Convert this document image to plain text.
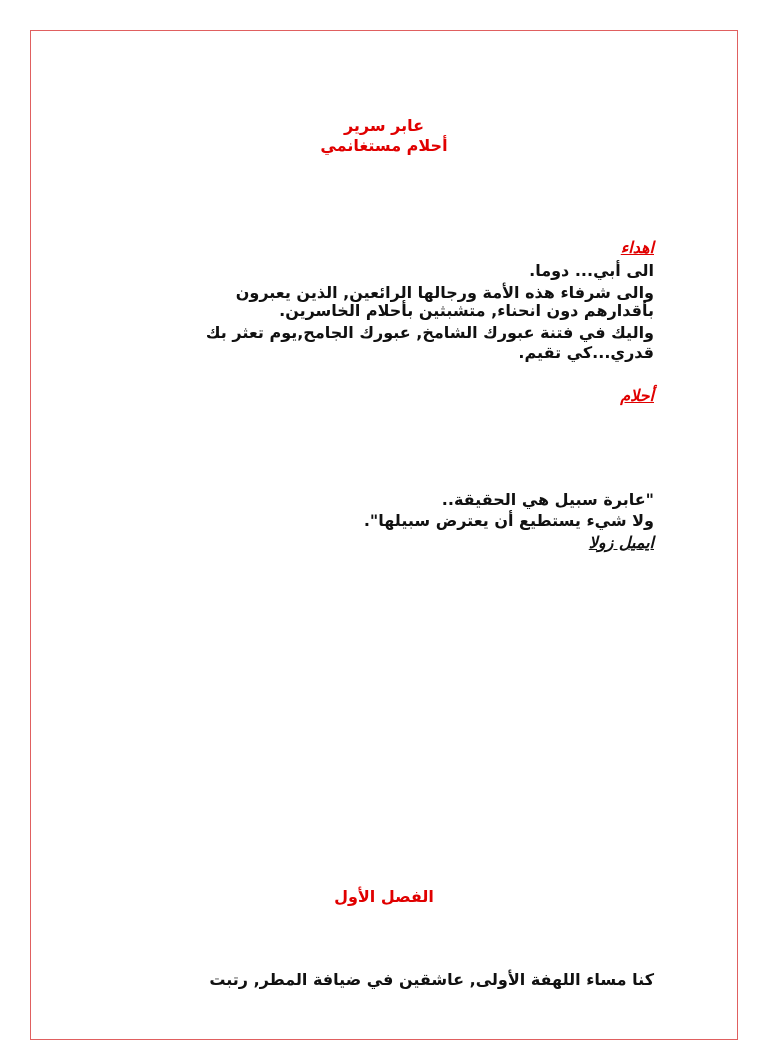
عابر سرير
أحلام مستغانمي
اهداء
الى أبي... دوما.
والى شرفاء هذه الأمة ورجالها الرائعين, الذين يعبرون
بأقدارهم دون انحناء, متشبثين بأحلام الخاسرين.
واليك في فتنة عبورك الشامخ, عبورك الجامح,يوم تعثر بك
قدري...كي تقيم.
أحلام
"عابرة سبيل هي الحقيقة..
ولا شيء يستطيع أن يعترض سبيلها".
ايميل زولا
الفصل الأول
كنا مساء اللهفة الأولى, عاشقين في ضيافة المطر, رتبت
